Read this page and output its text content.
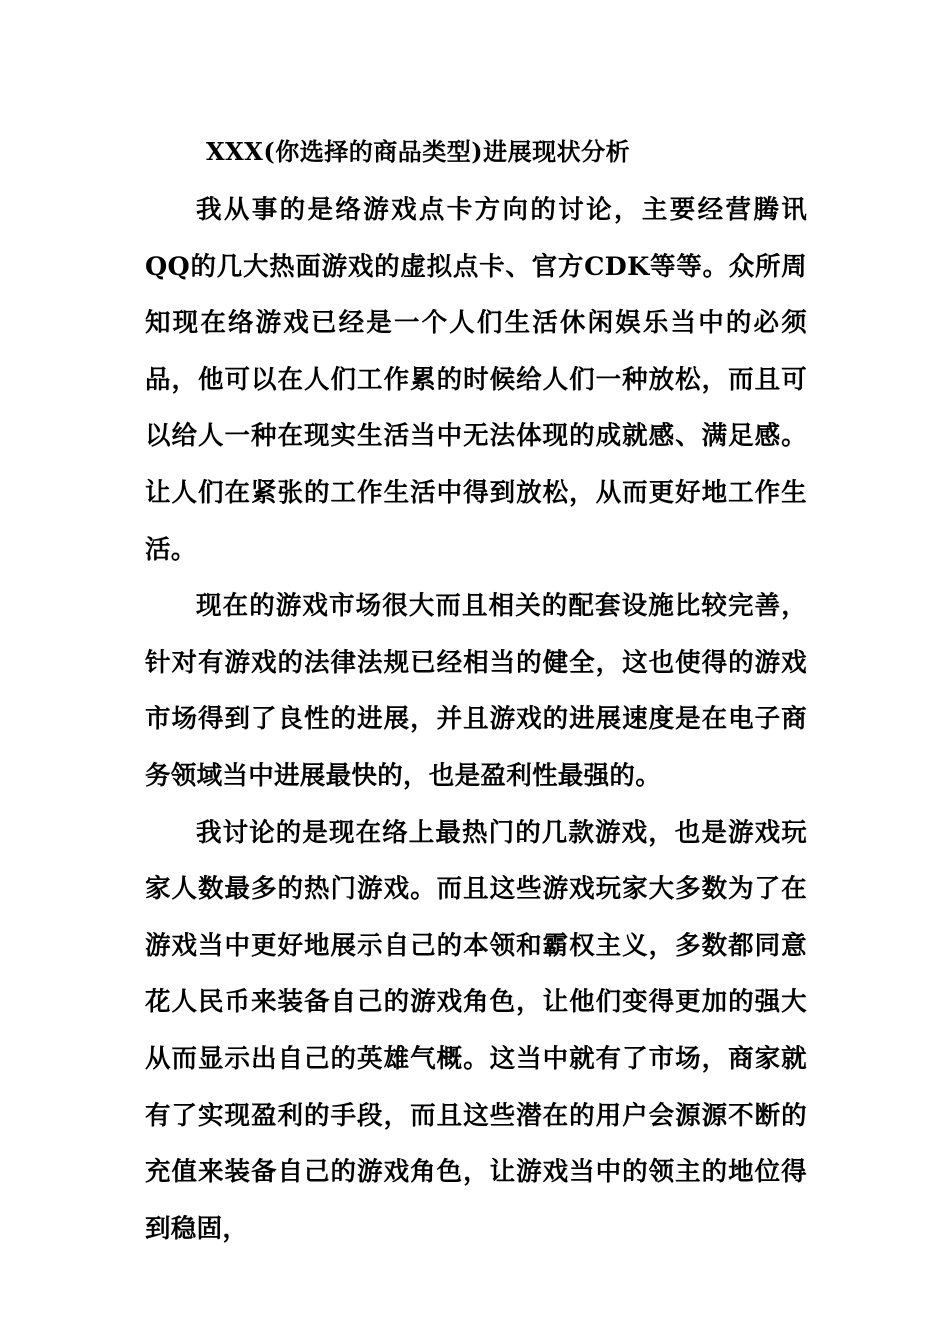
XXX(你选择的商品类型)进展现状分析

我从事的是络游戏点卡方向的讨论，主要经营腾讯QQ的几大热面游戏的虚拟点卡、官方CDK等等。众所周知现在络游戏已经是一个人们生活休闲娱乐当中的必须品，他可以在人们工作累的时候给人们一种放松，而且可以给人一种在现实生活当中无法体现的成就感、满足感。让人们在紧张的工作生活中得到放松，从而更好地工作生活。

现在的游戏市场很大而且相关的配套设施比较完善，针对有游戏的法律法规已经相当的健全，这也使得的游戏市场得到了良性的进展，并且游戏的进展速度是在电子商务领域当中进展最快的，也是盈利性最强的。

我讨论的是现在络上最热门的几款游戏，也是游戏玩家人数最多的热门游戏。而且这些游戏玩家大多数为了在游戏当中更好地展示自己的本领和霸权主义，多数都同意花人民币来装备自己的游戏角色，让他们变得更加的强大从而显示出自己的英雄气概。这当中就有了市场，商家就有了实现盈利的手段，而且这些潜在的用户会源源不断的充值来装备自己的游戏角色，让游戏当中的领主的地位得到稳固，
